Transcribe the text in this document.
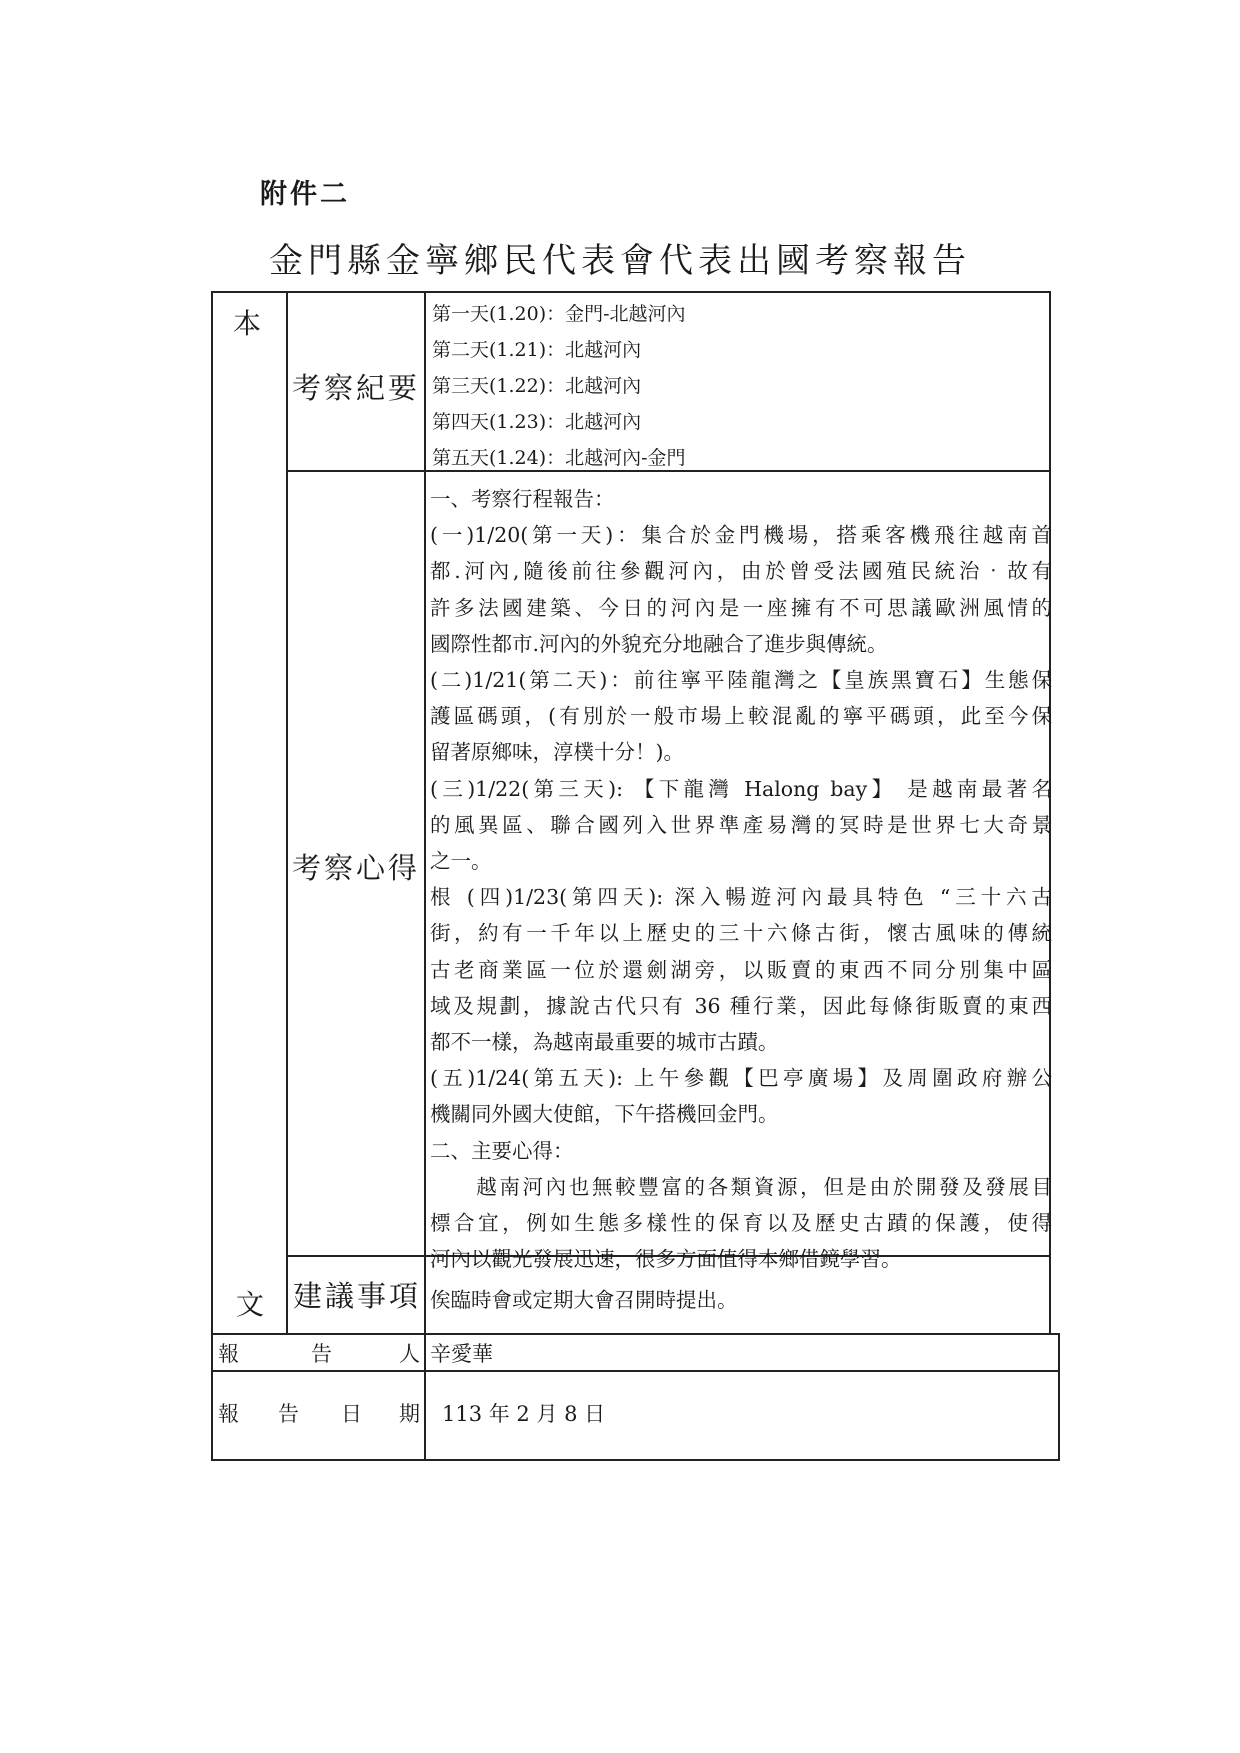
附件二
金門縣金寧鄉民代表會代表出國考察報告
本
文
考察紀要
考察心得
建議事項
第一天(1.20)：金門-北越河內
第二天(1.21)：北越河內
第三天(1.22)：北越河內
第四天(1.23)：北越河內
第五天(1.24)：北越河內-金門
一、考察行程報告：
(一)1/20(第一天)：集合於金門機場，搭乘客機飛往越南首
都.河內,隨後前往參觀河內，由於曾受法國殖民統治‧故有
許多法國建築、今日的河內是一座擁有不可思議歐洲風情的
國際性都市.河內的外貌充分地融合了進步與傳統。
(二)1/21(第二天)：前往寧平陸龍灣之【皇族黑寶石】生態保
護區碼頭，(有別於一般市場上較混亂的寧平碼頭，此至今保
留著原鄉味，淳樸十分！)。
(三)1/22(第三天): 【下龍灣 Halong bay】 是越南最著名
的風異區、聯合國列入世界準產易灣的冥時是世界七大奇景
之一。
根 (四)1/23(第四天): 深入暢遊河內最具特色 “三十六古
街，約有一千年以上歷史的三十六條古街，懷古風味的傳統
古老商業區一位於還劍湖旁，以販賣的東西不同分別集中區
域及規劃，據說古代只有 36 種行業，因此每條街販賣的東西
都不一樣，為越南最重要的城市古蹟。
(五)1/24(第五天): 上午參觀【巴亭廣場】及周圍政府辦公
機關同外國大使館，下午搭機回金門。
二、主要心得：
　　越南河內也無較豐富的各類資源，但是由於開發及發展目
標合宜，例如生態多樣性的保育以及歷史古蹟的保護，使得
河內以觀光發展迅速，很多方面值得本鄉借鏡學習。
俟臨時會或定期大會召開時提出。
報	告	人 辛愛華
報 告 日 期 113 年 2 月 8 日
